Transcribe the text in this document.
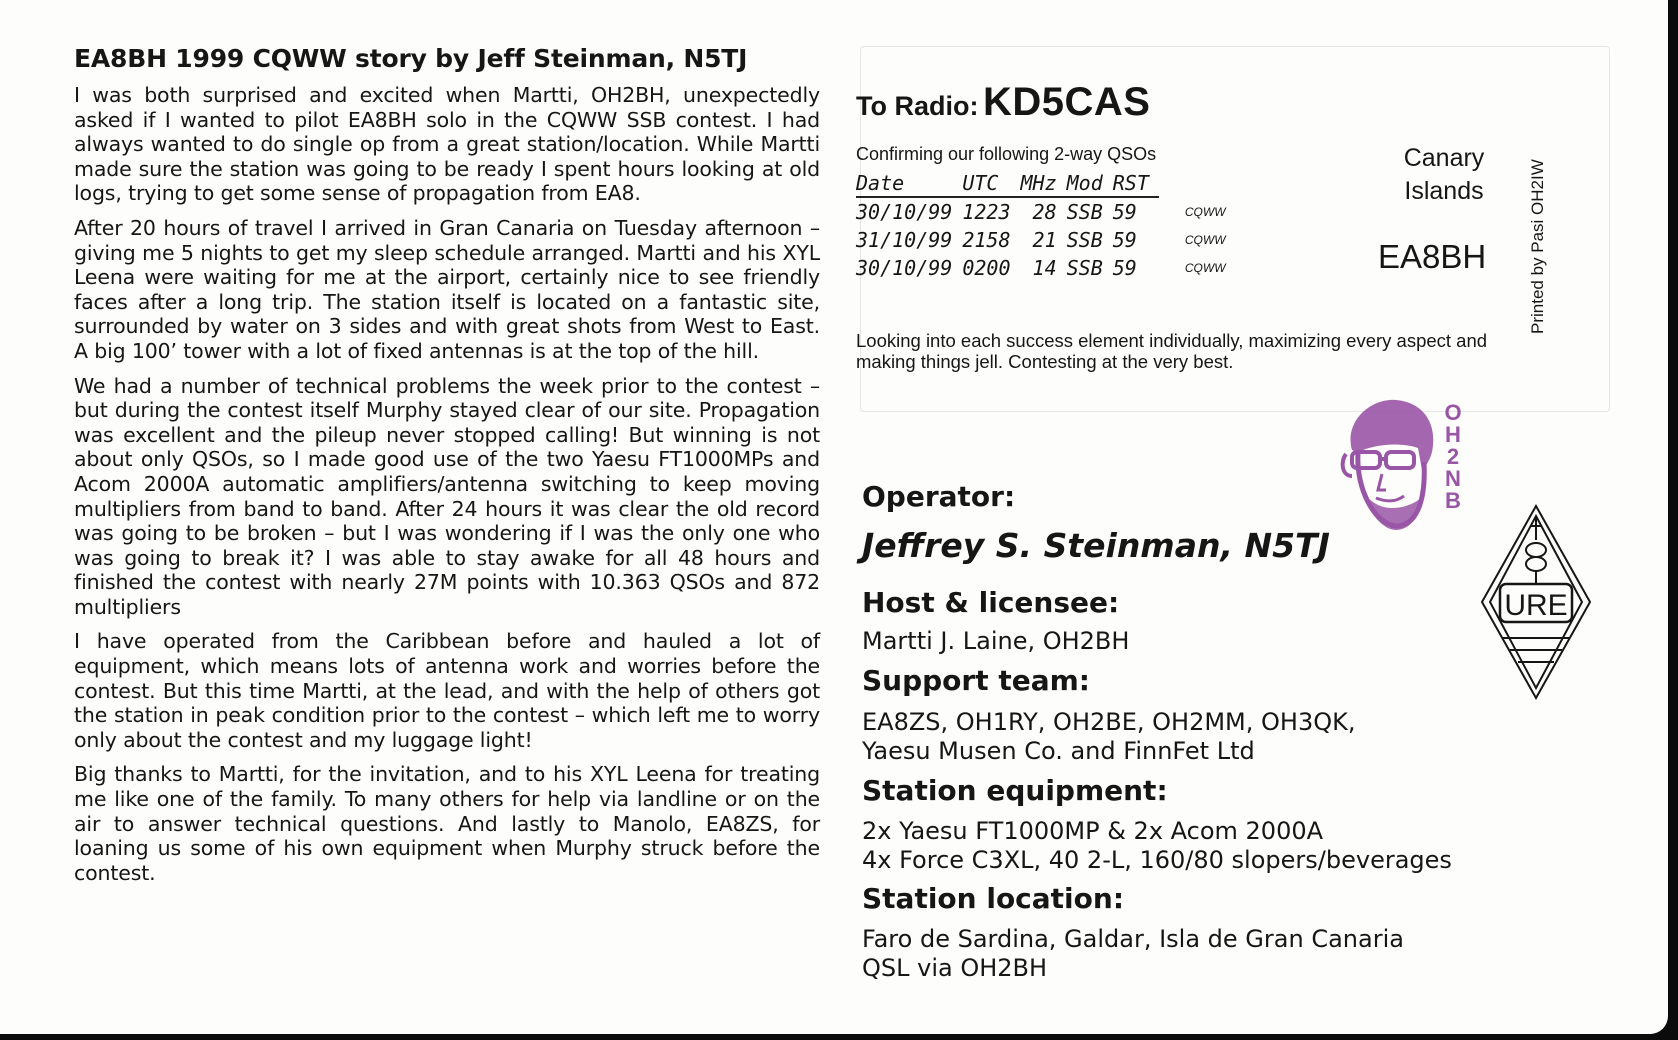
EA8BH 1999 CQWW story by Jeff Steinman, N5TJ

I was both surprised and excited when Martti, OH2BH, unexpectedly asked if I wanted to pilot EA8BH solo in the CQWW SSB contest. I had always wanted to do single op from a great station/location. While Martti made sure the station was going to be ready I spent hours looking at old logs, trying to get some sense of propagation from EA8.

After 20 hours of travel I arrived in Gran Canaria on Tuesday afternoon – giving me 5 nights to get my sleep schedule arranged. Martti and his XYL Leena were waiting for me at the airport, certainly nice to see friendly faces after a long trip. The station itself is located on a fantastic site, surrounded by water on 3 sides and with great shots from West to East. A big 100’ tower with a lot of fixed antennas is at the top of the hill.

We had a number of technical problems the week prior to the contest – but during the contest itself Murphy stayed clear of our site. Propagation was excellent and the pileup never stopped calling! But winning is not about only QSOs, so I made good use of the two Yaesu FT1000MPs and Acom 2000A automatic amplifiers/antenna switching to keep moving multipliers from band to band. After 24 hours it was clear the old record was going to be broken – but I was wondering if I was the only one who was going to break it? I was able to stay awake for all 48 hours and finished the contest with nearly 27M points with 10.363 QSOs and 872 multipliers

I have operated from the Caribbean before and hauled a lot of equipment, which means lots of antenna work and worries before the contest. But this time Martti, at the lead, and with the help of others got the station in peak condition prior to the contest – which left me to worry only about the contest and my luggage light!

Big thanks to Martti, for the invitation, and to his XYL Leena for treating me like one of the family. To many others for help via landline or on the air to answer technical questions. And lastly to Manolo, EA8ZS, for loaning us some of his own equipment when Murphy struck before the contest.

To Radio: KD5CAS
Confirming our following 2-way QSOs
Date	UTC	MHz	Mod	RST	
30/10/99	1223	28	SSB	59	CQWW
31/10/99	2158	21	SSB	59	CQWW
30/10/99	0200	14	SSB	59	CQWW
Canary
Islands
EA8BH Printed by Pasi OH2IW
Looking into each success element individually, maximizing every aspect and making things jell. Contesting at the very best.
O
H
2
N
B
URE
Operator:
Jeffrey S. Steinman, N5TJ
Host & licensee:

Martti J. Laine, OH2BH

Support team:

EA8ZS, OH1RY, OH2BE, OH2MM, OH3QK,

Yaesu Musen Co. and FinnFet Ltd

Station equipment:

2x Yaesu FT1000MP & 2x Acom 2000A

4x Force C3XL, 40 2-L, 160/80 slopers/beverages

Station location:

Faro de Sardina, Galdar, Isla de Gran Canaria

QSL via OH2BH
